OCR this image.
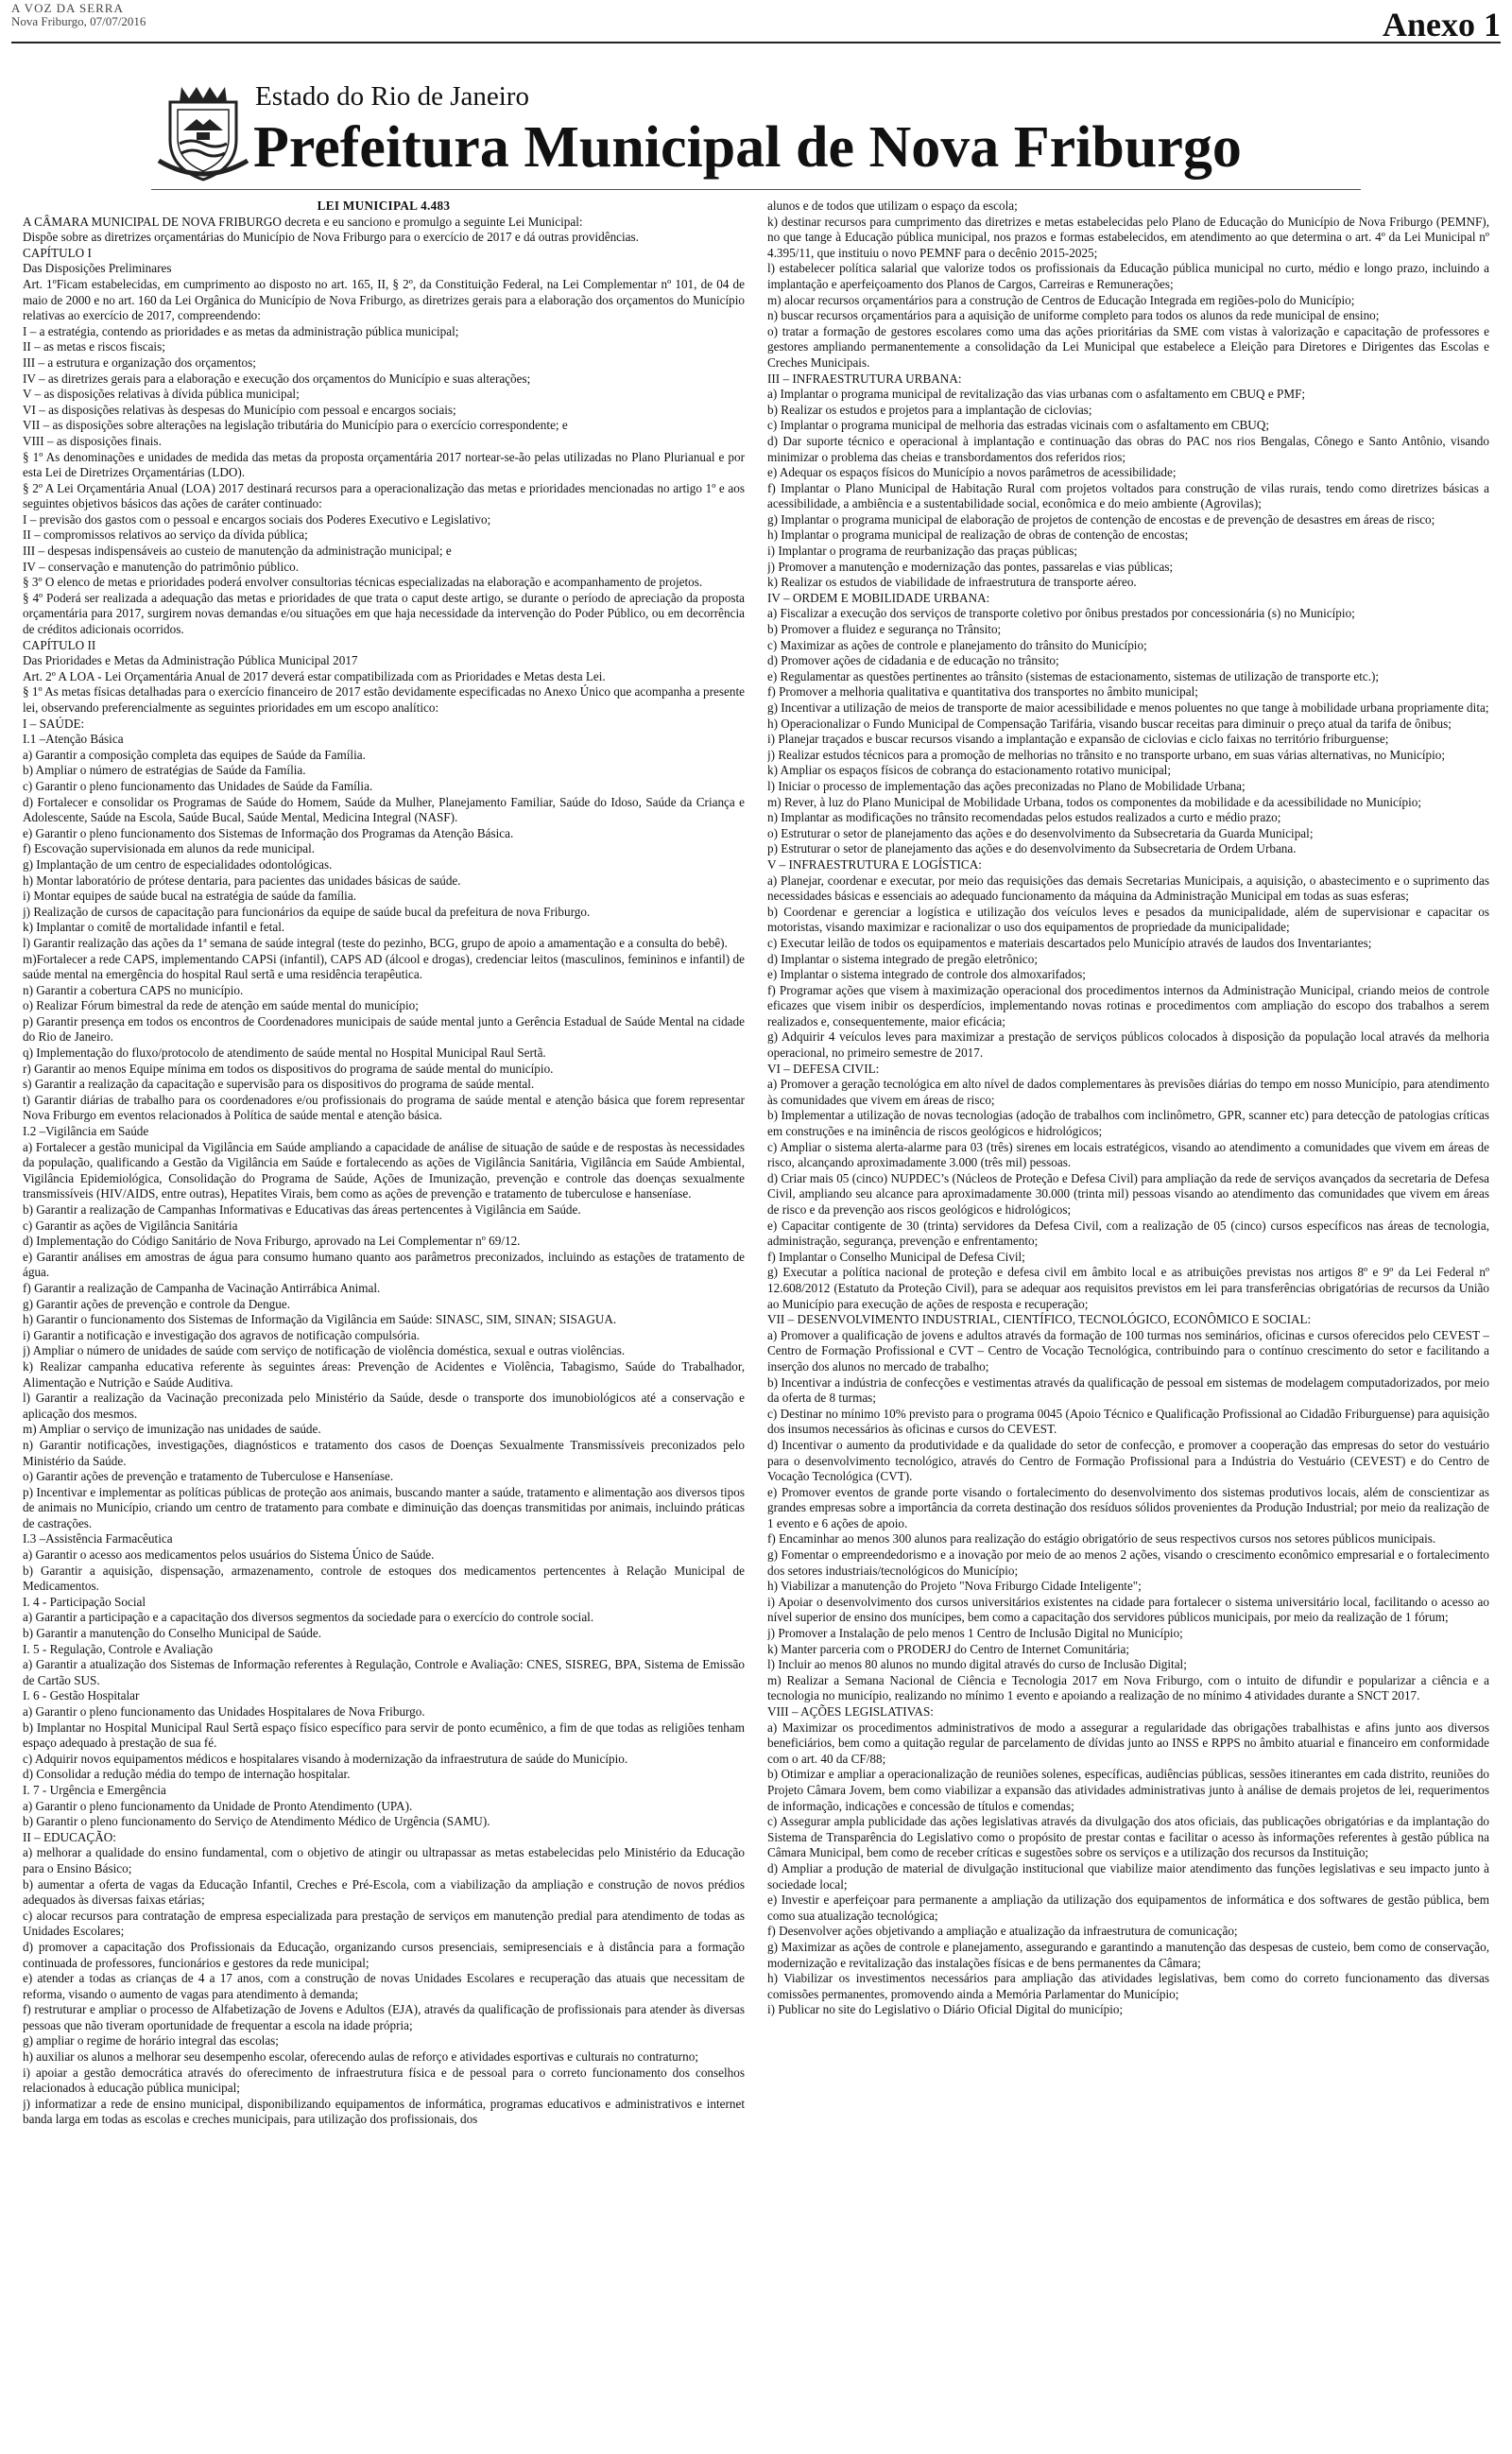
A VOZ DA SERRA
Nova Friburgo, 07/07/2016	Anexo 1
Estado do Rio de Janeiro
Prefeitura Municipal de Nova Friburgo

LEI MUNICIPAL 4.483

A CÂMARA MUNICIPAL DE NOVA FRIBURGO decreta e eu sanciono e promulgo a seguinte Lei Municipal:

Dispõe sobre as diretrizes orçamentárias do Município de Nova Friburgo para o exercício de 2017 e dá outras providências.

CAPÍTULO I

Das Disposições Preliminares

Art. 1ºFicam estabelecidas, em cumprimento ao disposto no art. 165, II, § 2º, da Constituição Federal, na Lei Complementar nº 101, de 04 de maio de 2000 e no art. 160 da Lei Orgânica do Município de Nova Friburgo, as diretrizes gerais para a elaboração dos orçamentos do Município relativas ao exercício de 2017, compreendendo:

I – a estratégia, contendo as prioridades e as metas da administração pública municipal;

II – as metas e riscos fiscais;

III – a estrutura e organização dos orçamentos;

IV – as diretrizes gerais para a elaboração e execução dos orçamentos do Município e suas alterações;

V – as disposições relativas à dívida pública municipal;

VI – as disposições relativas às despesas do Município com pessoal e encargos sociais;

VII – as disposições sobre alterações na legislação tributária do Município para o exercício correspondente; e

VIII – as disposições finais.

§ 1º As denominações e unidades de medida das metas da proposta orçamentária 2017 nortear-se-ão pelas utilizadas no Plano Plurianual e por esta Lei de Diretrizes Orçamentárias (LDO).

§ 2º A Lei Orçamentária Anual (LOA) 2017 destinará recursos para a operacionalização das metas e prioridades mencionadas no artigo 1º e aos seguintes objetivos básicos das ações de caráter continuado:

I – previsão dos gastos com o pessoal e encargos sociais dos Poderes Executivo e Legislativo;

II – compromissos relativos ao serviço da dívida pública;

III – despesas indispensáveis ao custeio de manutenção da administração municipal; e

IV – conservação e manutenção do patrimônio público.

§ 3º O elenco de metas e prioridades poderá envolver consultorias técnicas especializadas na elaboração e acompanhamento de projetos.

§ 4º Poderá ser realizada a adequação das metas e prioridades de que trata o caput deste artigo, se durante o período de apreciação da proposta orçamentária para 2017, surgirem novas demandas e/ou situações em que haja necessidade da intervenção do Poder Público, ou em decorrência de créditos adicionais ocorridos.

CAPÍTULO II

Das Prioridades e Metas da Administração Pública Municipal 2017

Art. 2º A LOA - Lei Orçamentária Anual de 2017 deverá estar compatibilizada com as Prioridades e Metas desta Lei.

§ 1º As metas físicas detalhadas para o exercício financeiro de 2017 estão devidamente especificadas no Anexo Único que acompanha a presente lei, observando preferencialmente as seguintes prioridades em um escopo analítico:

I – SAÚDE:

I.1 –Atenção Básica

a) Garantir a composição completa das equipes de Saúde da Família.

b) Ampliar o número de estratégias de Saúde da Família.

c) Garantir o pleno funcionamento das Unidades de Saúde da Família.

d) Fortalecer e consolidar os Programas de Saúde do Homem, Saúde da Mulher, Planejamento Familiar, Saúde do Idoso, Saúde da Criança e Adolescente, Saúde na Escola, Saúde Bucal, Saúde Mental, Medicina Integral (NASF).

e) Garantir o pleno funcionamento dos Sistemas de Informação dos Programas da Atenção Básica.

f) Escovação supervisionada em alunos da rede municipal.

g) Implantação de um centro de especialidades odontológicas.

h) Montar laboratório de prótese dentaria, para pacientes das unidades básicas de saúde.

i) Montar equipes de saúde bucal na estratégia de saúde da família.

j) Realização de cursos de capacitação para funcionários da equipe de saúde bucal da prefeitura de nova Friburgo.

k) Implantar o comitê de mortalidade infantil e fetal.

l) Garantir realização das ações da 1ª semana de saúde integral (teste do pezinho, BCG, grupo de apoio a amamentação e a consulta do bebê).

m)Fortalecer a rede CAPS, implementando CAPSi (infantil), CAPS AD (álcool e drogas), credenciar leitos (masculinos, femininos e infantil) de saúde mental na emergência do hospital Raul sertã e uma residência terapêutica.

n) Garantir a cobertura CAPS no município.

o) Realizar Fórum bimestral da rede de atenção em saúde mental do município;

p) Garantir presença em todos os encontros de Coordenadores municipais de saúde mental junto a Gerência Estadual de Saúde Mental na cidade do Rio de Janeiro.

q) Implementação do fluxo/protocolo de atendimento de saúde mental no Hospital Municipal Raul Sertã.

r) Garantir ao menos Equipe mínima em todos os dispositivos do programa de saúde mental do município.

s) Garantir a realização da capacitação e supervisão para os dispositivos do programa de saúde mental.

t) Garantir diárias de trabalho para os coordenadores e/ou profissionais do programa de saúde mental e atenção básica que forem representar Nova Friburgo em eventos relacionados à Política de saúde mental e atenção básica.

I.2 –Vigilância em Saúde

a) Fortalecer a gestão municipal da Vigilância em Saúde ampliando a capacidade de análise de situação de saúde e de respostas às necessidades da população, qualificando a Gestão da Vigilância em Saúde e fortalecendo as ações de Vigilância Sanitária, Vigilância em Saúde Ambiental, Vigilância Epidemiológica, Consolidação do Programa de Saúde, Ações de Imunização, prevenção e controle das doenças sexualmente transmissíveis (HIV/AIDS, entre outras), Hepatites Virais, bem como as ações de prevenção e tratamento de tuberculose e hanseníase.

b) Garantir a realização de Campanhas Informativas e Educativas das áreas pertencentes à Vigilância em Saúde.

c) Garantir as ações de Vigilância Sanitária

d) Implementação do Código Sanitário de Nova Friburgo, aprovado na Lei Complementar nº 69/12.

e) Garantir análises em amostras de água para consumo humano quanto aos parâmetros preconizados, incluindo as estações de tratamento de água.

f) Garantir a realização de Campanha de Vacinação Antirrábica Animal.

g) Garantir ações de prevenção e controle da Dengue.

h) Garantir o funcionamento dos Sistemas de Informação da Vigilância em Saúde: SINASC, SIM, SINAN; SISAGUA.

i) Garantir a notificação e investigação dos agravos de notificação compulsória.

j) Ampliar o número de unidades de saúde com serviço de notificação de violência doméstica, sexual e outras violências.

k) Realizar campanha educativa referente às seguintes áreas: Prevenção de Acidentes e Violência, Tabagismo, Saúde do Trabalhador, Alimentação e Nutrição e Saúde Auditiva.

l) Garantir a realização da Vacinação preconizada pelo Ministério da Saúde, desde o transporte dos imunobiológicos até a conservação e aplicação dos mesmos.

m) Ampliar o serviço de imunização nas unidades de saúde.

n) Garantir notificações, investigações, diagnósticos e tratamento dos casos de Doenças Sexualmente Transmissíveis preconizados pelo Ministério da Saúde.

o) Garantir ações de prevenção e tratamento de Tuberculose e Hanseníase.

p) Incentivar e implementar as políticas públicas de proteção aos animais, buscando manter a saúde, tratamento e alimentação aos diversos tipos de animais no Município, criando um centro de tratamento para combate e diminuição das doenças transmitidas por animais, incluindo práticas de castrações.

I.3 –Assistência Farmacêutica

a) Garantir o acesso aos medicamentos pelos usuários do Sistema Único de Saúde.

b) Garantir a aquisição, dispensação, armazenamento, controle de estoques dos medicamentos pertencentes à Relação Municipal de Medicamentos.

I. 4 - Participação Social

a) Garantir a participação e a capacitação dos diversos segmentos da sociedade para o exercício do controle social.

b) Garantir a manutenção do Conselho Municipal de Saúde.

I. 5 - Regulação, Controle e Avaliação

a) Garantir a atualização dos Sistemas de Informação referentes à Regulação, Controle e Avaliação: CNES, SISREG, BPA, Sistema de Emissão de Cartão SUS.

I. 6 - Gestão Hospitalar

a) Garantir o pleno funcionamento das Unidades Hospitalares de Nova Friburgo.

b) Implantar no Hospital Municipal Raul Sertã espaço físico específico para servir de ponto ecumênico, a fim de que todas as religiões tenham espaço adequado à prestação de sua fé.

c) Adquirir novos equipamentos médicos e hospitalares visando à modernização da infraestrutura de saúde do Município.

d) Consolidar a redução média do tempo de internação hospitalar.

I. 7 - Urgência e Emergência

a) Garantir o pleno funcionamento da Unidade de Pronto Atendimento (UPA).

b) Garantir o pleno funcionamento do Serviço de Atendimento Médico de Urgência (SAMU).

II – EDUCAÇÃO:

a) melhorar a qualidade do ensino fundamental, com o objetivo de atingir ou ultrapassar as metas estabelecidas pelo Ministério da Educação para o Ensino Básico;

b) aumentar a oferta de vagas da Educação Infantil, Creches e Pré-Escola, com a viabilização da ampliação e construção de novos prédios adequados às diversas faixas etárias;

c) alocar recursos para contratação de empresa especializada para prestação de serviços em manutenção predial para atendimento de todas as Unidades Escolares;

d) promover a capacitação dos Profissionais da Educação, organizando cursos presenciais, semipresenciais e à distância para a formação continuada de professores, funcionários e gestores da rede municipal;

e) atender a todas as crianças de 4 a 17 anos, com a construção de novas Unidades Escolares e recuperação das atuais que necessitam de reforma, visando o aumento de vagas para atendimento à demanda;

f) restruturar e ampliar o processo de Alfabetização de Jovens e Adultos (EJA), através da qualificação de profissionais para atender às diversas pessoas que não tiveram oportunidade de frequentar a escola na idade própria;

g) ampliar o regime de horário integral das escolas;

h) auxiliar os alunos a melhorar seu desempenho escolar, oferecendo aulas de reforço e atividades esportivas e culturais no contraturno;

i) apoiar a gestão democrática através do oferecimento de infraestrutura física e de pessoal para o correto funcionamento dos conselhos relacionados à educação pública municipal;

j) informatizar a rede de ensino municipal, disponibilizando equipamentos de informática, programas educativos e administrativos e internet banda larga em todas as escolas e creches municipais, para utilização dos profissionais, dos

alunos e de todos que utilizam o espaço da escola;

k) destinar recursos para cumprimento das diretrizes e metas estabelecidas pelo Plano de Educação do Município de Nova Friburgo (PEMNF), no que tange à Educação pública municipal, nos prazos e formas estabelecidos, em atendimento ao que determina o art. 4º da Lei Municipal nº 4.395/11, que instituiu o novo PEMNF para o decênio 2015-2025;

l) estabelecer política salarial que valorize todos os profissionais da Educação pública municipal no curto, médio e longo prazo, incluindo a implantação e aperfeiçoamento dos Planos de Cargos, Carreiras e Remunerações;

m) alocar recursos orçamentários para a construção de Centros de Educação Integrada em regiões-polo do Município;

n) buscar recursos orçamentários para a aquisição de uniforme completo para todos os alunos da rede municipal de ensino;

o) tratar a formação de gestores escolares como uma das ações prioritárias da SME com vistas à valorização e capacitação de professores e gestores ampliando permanentemente a consolidação da Lei Municipal que estabelece a Eleição para Diretores e Dirigentes das Escolas e Creches Municipais.

III – INFRAESTRUTURA URBANA:

a) Implantar o programa municipal de revitalização das vias urbanas com o asfaltamento em CBUQ e PMF;

b) Realizar os estudos e projetos para a implantação de ciclovias;

c) Implantar o programa municipal de melhoria das estradas vicinais com o asfaltamento em CBUQ;

d) Dar suporte técnico e operacional à implantação e continuação das obras do PAC nos rios Bengalas, Cônego e Santo Antônio, visando minimizar o problema das cheias e transbordamentos dos referidos rios;

e) Adequar os espaços físicos do Município a novos parâmetros de acessibilidade;

f) Implantar o Plano Municipal de Habitação Rural com projetos voltados para construção de vilas rurais, tendo como diretrizes básicas a acessibilidade, a ambiência e a sustentabilidade social, econômica e do meio ambiente (Agrovilas);

g) Implantar o programa municipal de elaboração de projetos de contenção de encostas e de prevenção de desastres em áreas de risco;

h) Implantar o programa municipal de realização de obras de contenção de encostas;

i) Implantar o programa de reurbanização das praças públicas;

j) Promover a manutenção e modernização das pontes, passarelas e vias públicas;

k) Realizar os estudos de viabilidade de infraestrutura de transporte aéreo.

IV – ORDEM E MOBILIDADE URBANA:

a) Fiscalizar a execução dos serviços de transporte coletivo por ônibus prestados por concessionária (s) no Município;

b) Promover a fluidez e segurança no Trânsito;

c) Maximizar as ações de controle e planejamento do trânsito do Município;

d) Promover ações de cidadania e de educação no trânsito;

e) Regulamentar as questões pertinentes ao trânsito (sistemas de estacionamento, sistemas de utilização de transporte etc.);

f) Promover a melhoria qualitativa e quantitativa dos transportes no âmbito municipal;

g) Incentivar a utilização de meios de transporte de maior acessibilidade e menos poluentes no que tange à mobilidade urbana propriamente dita;

h) Operacionalizar o Fundo Municipal de Compensação Tarifária, visando buscar receitas para diminuir o preço atual da tarifa de ônibus;

i) Planejar traçados e buscar recursos visando a implantação e expansão de ciclovias e ciclo faixas no território friburguense;

j) Realizar estudos técnicos para a promoção de melhorias no trânsito e no transporte urbano, em suas várias alternativas, no Município;

k) Ampliar os espaços físicos de cobrança do estacionamento rotativo municipal;

l) Iniciar o processo de implementação das ações preconizadas no Plano de Mobilidade Urbana;

m) Rever, à luz do Plano Municipal de Mobilidade Urbana, todos os componentes da mobilidade e da acessibilidade no Município;

n) Implantar as modificações no trânsito recomendadas pelos estudos realizados a curto e médio prazo;

o) Estruturar o setor de planejamento das ações e do desenvolvimento da Subsecretaria da Guarda Municipal;

p) Estruturar o setor de planejamento das ações e do desenvolvimento da Subsecretaria de Ordem Urbana.

V – INFRAESTRUTURA E LOGÍSTICA:

a) Planejar, coordenar e executar, por meio das requisições das demais Secretarias Municipais, a aquisição, o abastecimento e o suprimento das necessidades básicas e essenciais ao adequado funcionamento da máquina da Administração Municipal em todas as suas esferas;

b) Coordenar e gerenciar a logística e utilização dos veículos leves e pesados da municipalidade, além de supervisionar e capacitar os motoristas, visando maximizar e racionalizar o uso dos equipamentos de propriedade da municipalidade;

c) Executar leilão de todos os equipamentos e materiais descartados pelo Município através de laudos dos Inventariantes;

d) Implantar o sistema integrado de pregão eletrônico;

e) Implantar o sistema integrado de controle dos almoxarifados;

f) Programar ações que visem à maximização operacional dos procedimentos internos da Administração Municipal, criando meios de controle eficazes que visem inibir os desperdícios, implementando novas rotinas e procedimentos com ampliação do escopo dos trabalhos a serem realizados e, consequentemente, maior eficácia;

g) Adquirir 4 veículos leves para maximizar a prestação de serviços públicos colocados à disposição da população local através da melhoria operacional, no primeiro semestre de 2017.

VI – DEFESA CIVIL:

a) Promover a geração tecnológica em alto nível de dados complementares às previsões diárias do tempo em nosso Município, para atendimento às comunidades que vivem em áreas de risco;

b) Implementar a utilização de novas tecnologias (adoção de trabalhos com inclinômetro, GPR, scanner etc) para detecção de patologias críticas em construções e na iminência de riscos geológicos e hidrológicos;

c) Ampliar o sistema alerta-alarme para 03 (três) sirenes em locais estratégicos, visando ao atendimento a comunidades que vivem em áreas de risco, alcançando aproximadamente 3.000 (três mil) pessoas.

d) Criar mais 05 (cinco) NUPDEC’s (Núcleos de Proteção e Defesa Civil) para ampliação da rede de serviços avançados da secretaria de Defesa Civil, ampliando seu alcance para aproximadamente 30.000 (trinta mil) pessoas visando ao atendimento das comunidades que vivem em áreas de risco e da prevenção aos riscos geológicos e hidrológicos;

e) Capacitar contigente de 30 (trinta) servidores da Defesa Civil, com a realização de 05 (cinco) cursos específicos nas áreas de tecnologia, administração, segurança, prevenção e enfrentamento;

f) Implantar o Conselho Municipal de Defesa Civil;

g) Executar a política nacional de proteção e defesa civil em âmbito local e as atribuições previstas nos artigos 8º e 9º da Lei Federal nº 12.608/2012 (Estatuto da Proteção Civil), para se adequar aos requisitos previstos em lei para transferências obrigatórias de recursos da União ao Município para execução de ações de resposta e recuperação;

VII – DESENVOLVIMENTO INDUSTRIAL, CIENTÍFICO, TECNOLÓGICO, ECONÔMICO E SOCIAL:

a) Promover a qualificação de jovens e adultos através da formação de 100 turmas nos seminários, oficinas e cursos oferecidos pelo CEVEST – Centro de Formação Profissional e CVT – Centro de Vocação Tecnológica, contribuindo para o contínuo crescimento do setor e facilitando a inserção dos alunos no mercado de trabalho;

b) Incentivar a indústria de confecções e vestimentas através da qualificação de pessoal em sistemas de modelagem computadorizados, por meio da oferta de 8 turmas;

c) Destinar no mínimo 10% previsto para o programa 0045 (Apoio Técnico e Qualificação Profissional ao Cidadão Friburguense) para aquisição dos insumos necessários às oficinas e cursos do CEVEST.

d) Incentivar o aumento da produtividade e da qualidade do setor de confecção, e promover a cooperação das empresas do setor do vestuário para o desenvolvimento tecnológico, através do Centro de Formação Profissional para a Indústria do Vestuário (CEVEST) e do Centro de Vocação Tecnológica (CVT).

e) Promover eventos de grande porte visando o fortalecimento do desenvolvimento dos sistemas produtivos locais, além de conscientizar as grandes empresas sobre a importância da correta destinação dos resíduos sólidos provenientes da Produção Industrial; por meio da realização de 1 evento e 6 ações de apoio.

f) Encaminhar ao menos 300 alunos para realização do estágio obrigatório de seus respectivos cursos nos setores públicos municipais.

g) Fomentar o empreendedorismo e a inovação por meio de ao menos 2 ações, visando o crescimento econômico empresarial e o fortalecimento dos setores industriais/tecnológicos do Município;

h) Viabilizar a manutenção do Projeto "Nova Friburgo Cidade Inteligente";

i) Apoiar o desenvolvimento dos cursos universitários existentes na cidade para fortalecer o sistema universitário local, facilitando o acesso ao nível superior de ensino dos munícipes, bem como a capacitação dos servidores públicos municipais, por meio da realização de 1 fórum;

j) Promover a Instalação de pelo menos 1 Centro de Inclusão Digital no Município;

k) Manter parceria com o PRODERJ do Centro de Internet Comunitária;

l) Incluir ao menos 80 alunos no mundo digital através do curso de Inclusão Digital;

m) Realizar a Semana Nacional de Ciência e Tecnologia 2017 em Nova Friburgo, com o intuito de difundir e popularizar a ciência e a tecnologia no município, realizando no mínimo 1 evento e apoiando a realização de no mínimo 4 atividades durante a SNCT 2017.

VIII – AÇÕES LEGISLATIVAS:

a) Maximizar os procedimentos administrativos de modo a assegurar a regularidade das obrigações trabalhistas e afins junto aos diversos beneficiários, bem como a quitação regular de parcelamento de dívidas junto ao INSS e RPPS no âmbito atuarial e financeiro em conformidade com o art. 40 da CF/88;

b) Otimizar e ampliar a operacionalização de reuniões solenes, específicas, audiências públicas, sessões itinerantes em cada distrito, reuniões do Projeto Câmara Jovem, bem como viabilizar a expansão das atividades administrativas junto à análise de demais projetos de lei, requerimentos de informação, indicações e concessão de títulos e comendas;

c) Assegurar ampla publicidade das ações legislativas através da divulgação dos atos oficiais, das publicações obrigatórias e da implantação do Sistema de Transparência do Legislativo como o propósito de prestar contas e facilitar o acesso às informações referentes à gestão pública na Câmara Municipal, bem como de receber críticas e sugestões sobre os serviços e a utilização dos recursos da Instituição;

d) Ampliar a produção de material de divulgação institucional que viabilize maior atendimento das funções legislativas e seu impacto junto à sociedade local;

e) Investir e aperfeiçoar para permanente a ampliação da utilização dos equipamentos de informática e dos softwares de gestão pública, bem como sua atualização tecnológica;

f) Desenvolver ações objetivando a ampliação e atualização da infraestrutura de comunicação;

g) Maximizar as ações de controle e planejamento, assegurando e garantindo a manutenção das despesas de custeio, bem como de conservação, modernização e revitalização das instalações físicas e de bens permanentes da Câmara;

h) Viabilizar os investimentos necessários para ampliação das atividades legislativas, bem como do correto funcionamento das diversas comissões permanentes, promovendo ainda a Memória Parlamentar do Município;

i) Publicar no site do Legislativo o Diário Oficial Digital do município;
